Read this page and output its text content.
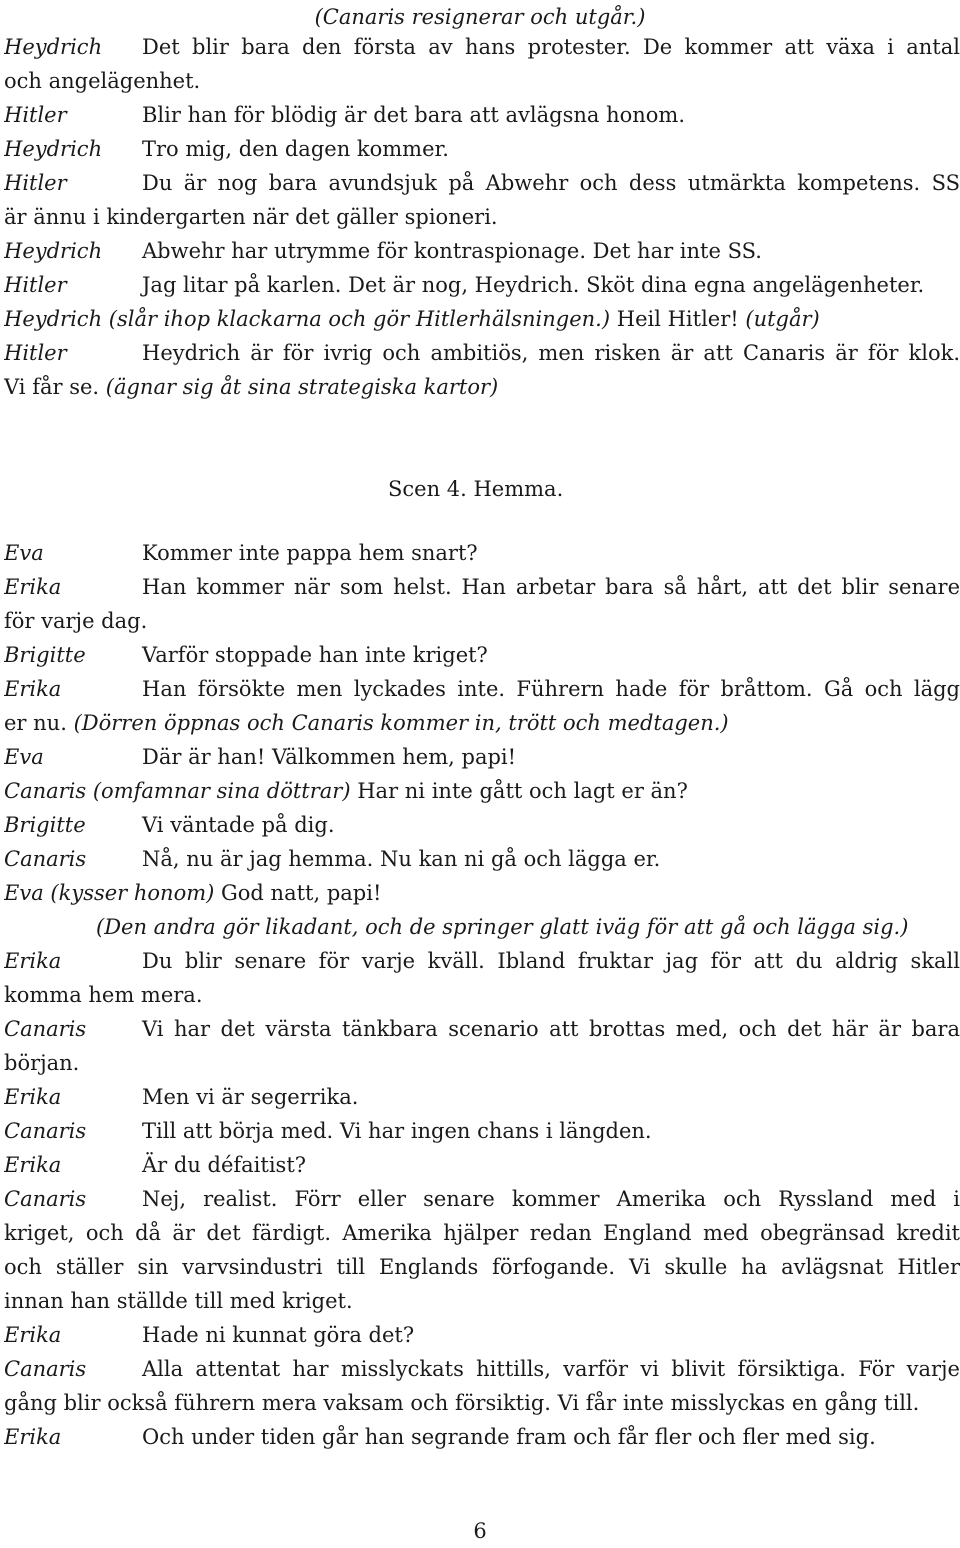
(Canaris resignerar och utgår.)
Heydrich Det blir bara den första av hans protester. De kommer att växa i antal
och angelägenhet.
Hitler	Blir han för blödig är det bara att avlägsna honom.
Heydrich Tro mig, den dagen kommer.
Hitler	Du är nog bara avundsjuk på Abwehr och dess utmärkta kompetens. SS
är ännu i kindergarten när det gäller spioneri.
Heydrich Abwehr har utrymme för kontraspionage. Det har inte SS.
Hitler	Jag litar på karlen. Det är nog, Heydrich. Sköt dina egna angelägenheter.
Heydrich (slår ihop klackarna och gör Hitlerhälsningen.) Heil Hitler! (utgår)
Hitler	Heydrich är för ivrig och ambitiös, men risken är att Canaris är för klok.
Vi får se. (ägnar sig åt sina strategiska kartor)
Scen 4. Hemma.
Eva	Kommer inte pappa hem snart?
Erika	Han kommer när som helst. Han arbetar bara så hårt, att det blir senare
för varje dag.
Brigitte	Varför stoppade han inte kriget?
Erika	Han försökte men lyckades inte. Führern hade för bråttom. Gå och lägg
er nu. (Dörren öppnas och Canaris kommer in, trött och medtagen.)
Eva	Där är han! Välkommen hem, papi!
Canaris (omfamnar sina döttrar) Har ni inte gått och lagt er än?
Brigitte	Vi väntade på dig.
Canaris	Nå, nu är jag hemma. Nu kan ni gå och lägga er.
Eva (kysser honom) God natt, papi!
(Den andra gör likadant, och de springer glatt iväg för att gå och lägga sig.)
Erika	Du blir senare för varje kväll. Ibland fruktar jag för att du aldrig skall
komma hem mera.
Canaris	Vi har det värsta tänkbara scenario att brottas med, och det här är bara
början.
Erika	Men vi är segerrika.
Canaris	Till att börja med. Vi har ingen chans i längden.
Erika	Är du défaitist?
Canaris	Nej, realist. Förr eller senare kommer Amerika och Ryssland med i
kriget, och då är det färdigt. Amerika hjälper redan England med obegränsad kredit
och ställer sin varvsindustri till Englands förfogande. Vi skulle ha avlägsnat Hitler
innan han ställde till med kriget.
Erika	Hade ni kunnat göra det?
Canaris	Alla attentat har misslyckats hittills, varför vi blivit försiktiga. För varje
gång blir också führern mera vaksam och försiktig. Vi får inte misslyckas en gång till.
Erika	Och under tiden går han segrande fram och får fler och fler med sig.
6
